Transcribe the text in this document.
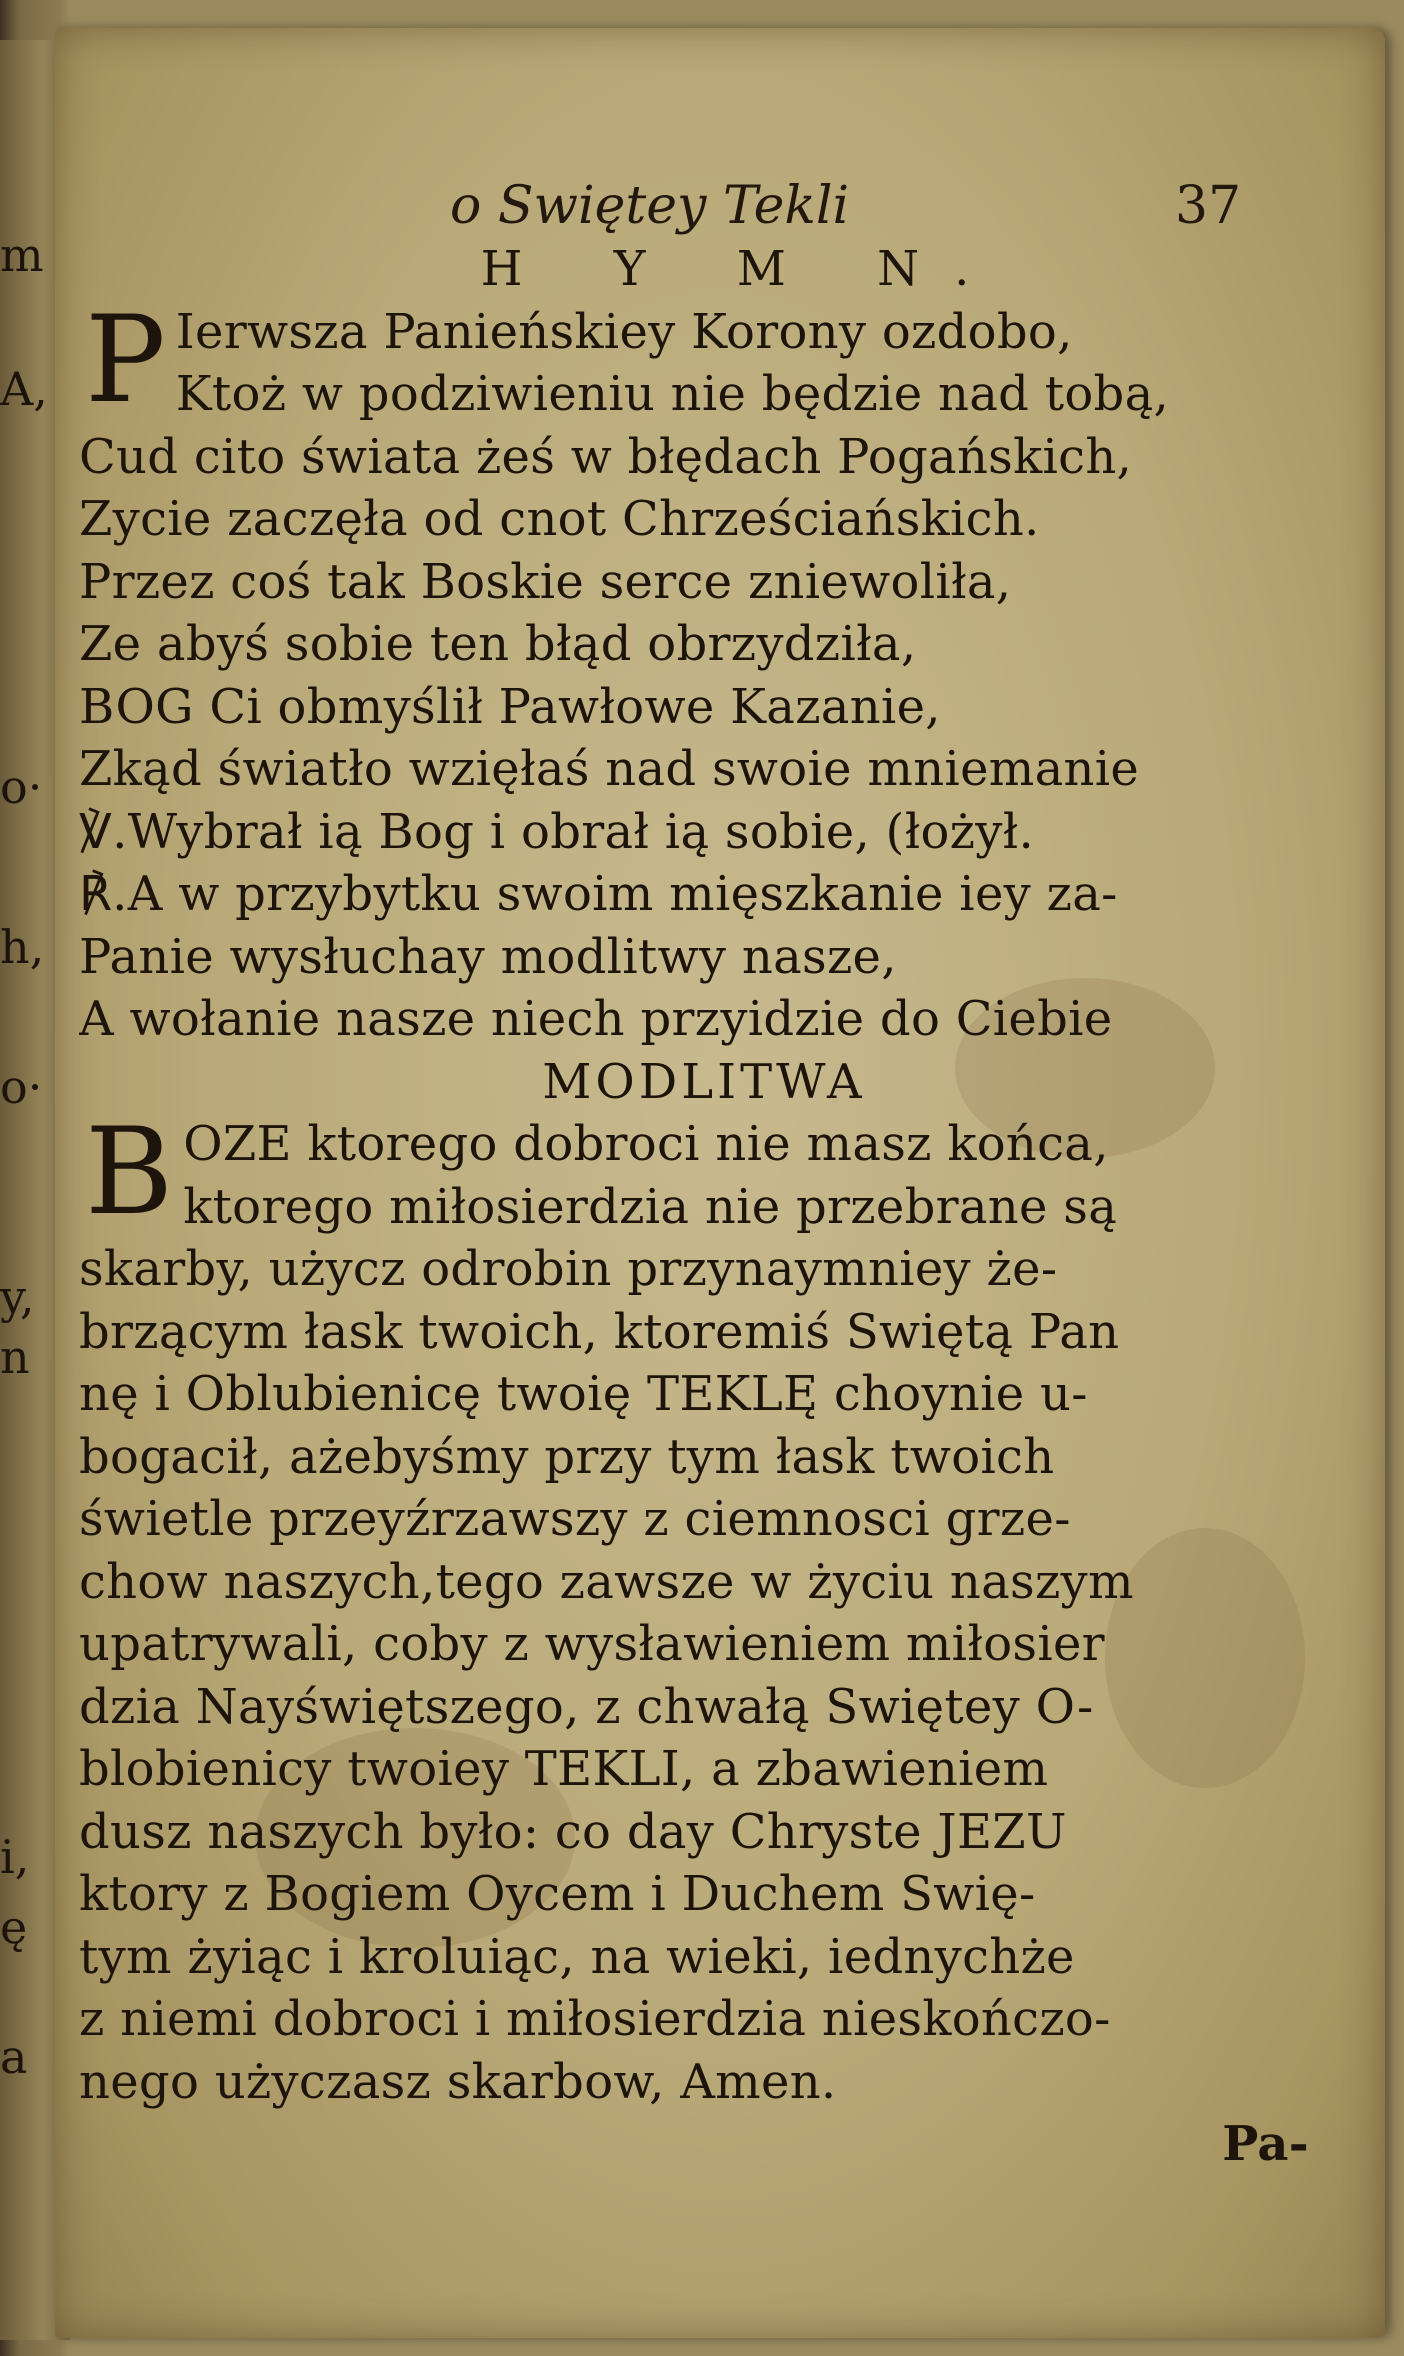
m
A,
o·
h,
o·
y,
n
i,
ę
a
o Swiętey Tekli	37
H Y M N.
P Ierwsza Panieńskiey Korony ozdobo,
Ktoż w podziwieniu nie będzie nad tobą,
Cud cito świata żeś w błędach Pogańskich,
Zycie zaczęła od cnot Chrześciańskich.
Przez coś tak Boskie serce zniewoliła,
Ze abyś sobie ten błąd obrzydziła,
BOG Ci obmyślił Pawłowe Kazanie,
Zkąd światło wzięłaś nad swoie mniemanie
℣.Wybrał ią Bog i obrał ią sobie, (łożył.
℟.A w przybytku swoim mięszkanie iey za-
Panie wysłuchay modlitwy nasze,
A wołanie nasze niech przyidzie do Ciebie
MODLITWA
B OZE ktorego dobroci nie masz końca,
ktorego miłosierdzia nie przebrane są
skarby, użycz odrobin przynaymniey że-
brzącym łask twoich, ktoremiś Swiętą Pan
nę i Oblubienicę twoię TEKLĘ choynie u-
bogacił, ażebyśmy przy tym łask twoich
świetle przeyźrzawszy z ciemnosci grze-
chow naszych,tego zawsze w życiu naszym
upatrywali, coby z wysławieniem miłosier
dzia Nayświętszego, z chwałą Swiętey O-
blobienicy twoiey TEKLI, a zbawieniem
dusz naszych było: co day Chryste JEZU
ktory z Bogiem Oycem i Duchem Swię-
tym żyiąc i kroluiąc, na wieki, iednychże
z niemi dobroci i miłosierdzia nieskończo-
nego użyczasz skarbow, Amen.
Pa-
